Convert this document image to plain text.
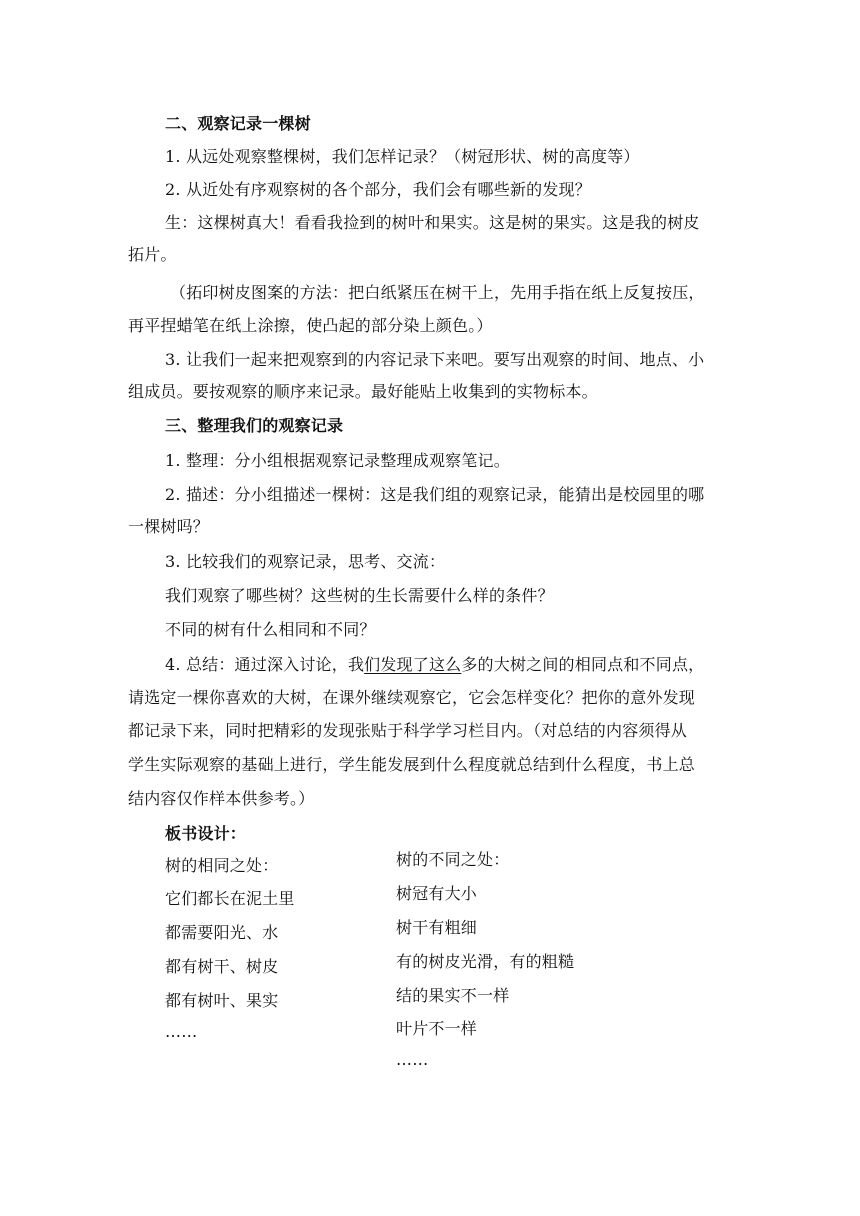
二、观察记录一棵树
1. 从远处观察整棵树，我们怎样记录？（树冠形状、树的高度等）
2. 从近处有序观察树的各个部分，我们会有哪些新的发现？
生：这棵树真大！看看我捡到的树叶和果实。这是树的果实。这是我的树皮
拓片。
（拓印树皮图案的方法：把白纸紧压在树干上，先用手指在纸上反复按压，
再平捏蜡笔在纸上涂擦，使凸起的部分染上颜色。）
3. 让我们一起来把观察到的内容记录下来吧。要写出观察的时间、地点、小
组成员。要按观察的顺序来记录。最好能贴上收集到的实物标本。
三、整理我们的观察记录
1. 整理：分小组根据观察记录整理成观察笔记。
2. 描述：分小组描述一棵树：这是我们组的观察记录，能猜出是校园里的哪
一棵树吗？
3. 比较我们的观察记录，思考、交流：
我们观察了哪些树？这些树的生长需要什么样的条件？
不同的树有什么相同和不同？
4. 总结：通过深入讨论，我们发现了这么多的大树之间的相同点和不同点，
请选定一棵你喜欢的大树，在课外继续观察它，它会怎样变化？把你的意外发现
都记录下来，同时把精彩的发现张贴于科学学习栏目内。（对总结的内容须得从
学生实际观察的基础上进行，学生能发展到什么程度就总结到什么程度，书上总
结内容仅作样本供参考。）
板书设计：
树的相同之处：
它们都长在泥土里
都需要阳光、水
都有树干、树皮
都有树叶、果实
……
树的不同之处：
树冠有大小
树干有粗细
有的树皮光滑，有的粗糙
结的果实不一样
叶片不一样
……
